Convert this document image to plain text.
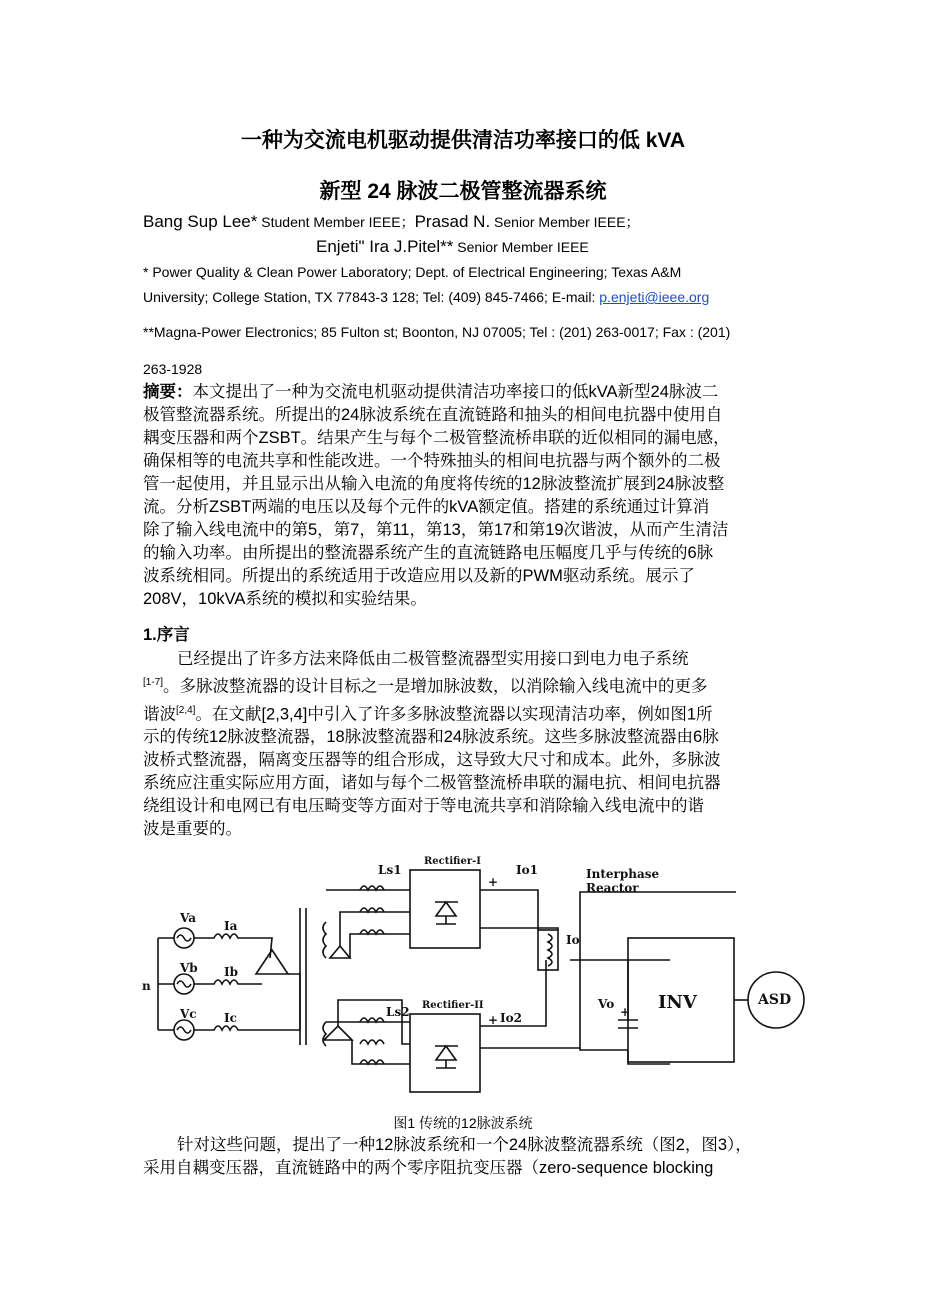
一种为交流电机驱动提供清洁功率接口的低 kVA
新型 24 脉波二极管整流器系统
Bang Sup Lee* Student Member IEEE；Prasad N. Senior Member IEEE；
Enjeti" Ira J.Pitel** Senior Member IEEE
* Power Quality & Clean Power Laboratory; Dept. of Electrical Engineering; Texas A&M
University; College Station, TX 77843-3 128; Tel: (409) 845-7466; E-mail: p.enjeti@ieee.org
**Magna-Power Electronics; 85 Fulton st; Boonton, NJ 07005; Tel : (201) 263-0017; Fax : (201)
263-1928
摘要：本文提出了一种为交流电机驱动提供清洁功率接口的低kVA新型24脉波二
极管整流器系统。所提出的24脉波系统在直流链路和抽头的相间电抗器中使用自
耦变压器和两个ZSBT。结果产生与每个二极管整流桥串联的近似相同的漏电感，
确保相等的电流共享和性能改进。一个特殊抽头的相间电抗器与两个额外的二极
管一起使用，并且显示出从输入电流的角度将传统的12脉波整流扩展到24脉波整
流。分析ZSBT两端的电压以及每个元件的kVA额定值。搭建的系统通过计算消
除了输入线电流中的第5，第7，第11，第13，第17和第19次谐波，从而产生清洁
的输入功率。由所提出的整流器系统产生的直流链路电压幅度几乎与传统的6脉
波系统相同。所提出的系统适用于改造应用以及新的PWM驱动系统。展示了
208V，10kVA系统的模拟和实验结果。
1.序言
已经提出了许多方法来降低由二极管整流器型实用接口到电力电子系统
[1-7]。多脉波整流器的设计目标之一是增加脉波数，以消除输入线电流中的更多
谐波[2,4]。在文献[2,3,4]中引入了许多多脉波整流器以实现清洁功率，例如图1所
示的传统12脉波整流器，18脉波整流器和24脉波系统。这些多脉波整流器由6脉
波桥式整流器，隔离变压器等的组合形成，这导致大尺寸和成本。此外，多脉波
系统应注重实际应用方面，诸如与每个二极管整流桥串联的漏电抗、相间电抗器
绕组设计和电网已有电压畸变等方面对于等电流共享和消除输入线电流中的谐
波是重要的。
Va
Vb
Vc
Ia
Ib
Ic
n
Ls1
Ls2
Rectifier-I
Rectifier-II
Io1
Io2
Io
Interphase
Reactor
Vo INV	ASD
+
+
+
图1 传统的12脉波系统
针对这些问题，提出了一种12脉波系统和一个24脉波整流器系统（图2，图3），
采用自耦变压器，直流链路中的两个零序阻抗变压器（zero-sequence blocking
